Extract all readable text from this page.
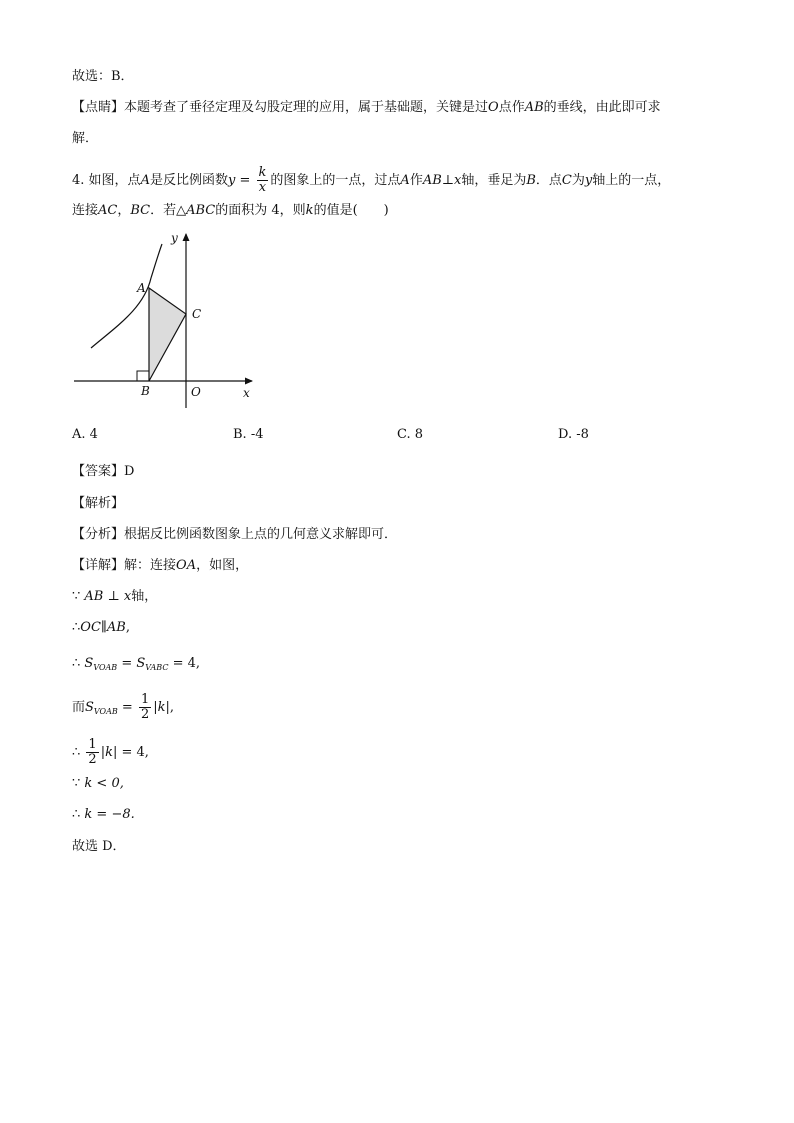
故选：B．
【点睛】本题考查了垂径定理及勾股定理的应用，属于基础题，关键是过O点作AB的垂线，由此即可求
解．
4. 如图，点A是反比例函数$y = \frac{k}{x}$ 的图象上的一点，过点A作AB⊥x轴，垂足为B．点C为y轴上的一点，
连接AC，BC．若△ABC的面积为 4，则k的值是(　　)
y
x
A
C
B	O
A. 4	B. -4	C. 8	D. -8
【答案】D
【解析】
【分析】根据反比例函数图象上点的几何意义求解即可．
【详解】解：连接OA，如图，
∵ AB ⊥ x轴，
∴OC∥AB,
∴ $S_{VOAB} = S_{VABC} = 4$,
而$S_{VOAB} = \frac{1}{2} |k|$,
∴ $\frac{1}{2} |k| = 4$,
∵ k < 0,
∴ k = −8.
故选 D．
